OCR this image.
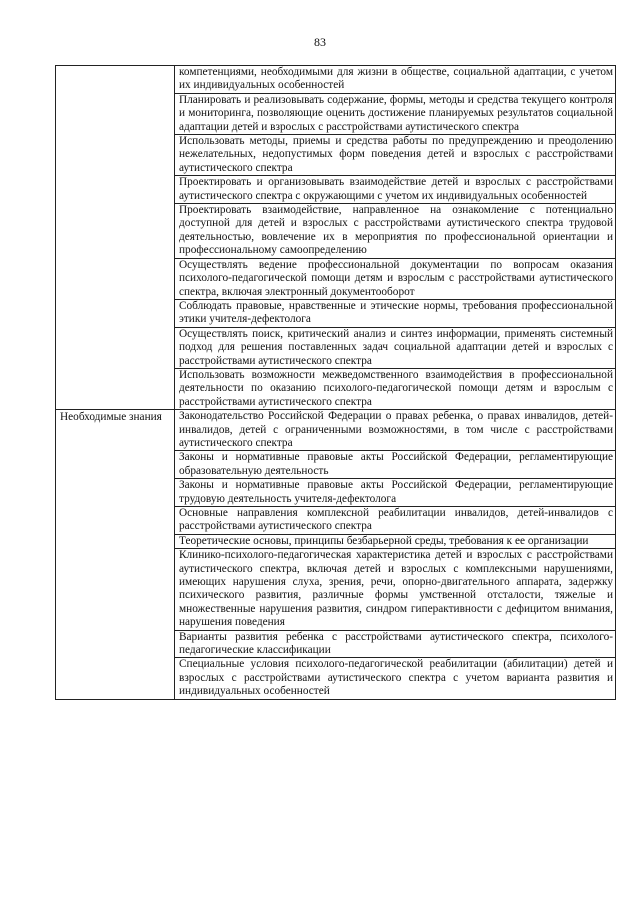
83
	компетенциями, необходимыми для жизни в обществе, социальной адаптации, с учетом их индивидуальных особенностей
	Планировать и реализовывать содержание, формы, методы и средства текущего контроля и мониторинга, позволяющие оценить достижение планируемых результатов социальной адаптации детей и взрослых с расстройствами аутистического спектра
	Использовать методы, приемы и средства работы по предупреждению и преодолению нежелательных, недопустимых форм поведения детей и взрослых с расстройствами аутистического спектра
	Проектировать и организовывать взаимодействие детей и взрослых с расстройствами аутистического спектра с окружающими с учетом их индивидуальных особенностей
	Проектировать взаимодействие, направленное на ознакомление с потенциально доступной для детей и взрослых с расстройствами аутистического спектра трудовой деятельностью, вовлечение их в мероприятия по профессиональной ориентации и профессиональному самоопределению
	Осуществлять ведение профессиональной документации по вопросам оказания психолого-педагогической помощи детям и взрослым с расстройствами аутистического спектра, включая электронный документооборот
	Соблюдать правовые, нравственные и этические нормы, требования профессиональной этики учителя-дефектолога
	Осуществлять поиск, критический анализ и синтез информации, применять системный подход для решения поставленных задач социальной адаптации детей и взрослых с расстройствами аутистического спектра
	Использовать возможности межведомственного взаимодействия в профессиональной деятельности по оказанию психолого-педагогической помощи детям и взрослым с расстройствами аутистического спектра
Необходимые знания	Законодательство Российской Федерации о правах ребенка, о правах инвалидов, детей-инвалидов, детей с ограниченными возможностями, в том числе с расстройствами аутистического спектра
	Законы и нормативные правовые акты Российской Федерации, регламентирующие образовательную деятельность
	Законы и нормативные правовые акты Российской Федерации, регламентирующие трудовую деятельность учителя-дефектолога
	Основные направления комплексной реабилитации инвалидов, детей-инвалидов с расстройствами аутистического спектра
	Теоретические основы, принципы безбарьерной среды, требования к ее организации
	Клинико-психолого-педагогическая характеристика детей и взрослых с расстройствами аутистического спектра, включая детей и взрослых с комплексными нарушениями, имеющих нарушения слуха, зрения, речи, опорно-двигательного аппарата, задержку психического развития, различные формы умственной отсталости, тяжелые и множественные нарушения развития, синдром гиперактивности с дефицитом внимания, нарушения поведения
	Варианты развития ребенка с расстройствами аутистического спектра, психолого-педагогические классификации
	Специальные условия психолого-педагогической реабилитации (абилитации) детей и взрослых с расстройствами аутистического спектра с учетом варианта развития и индивидуальных особенностей
